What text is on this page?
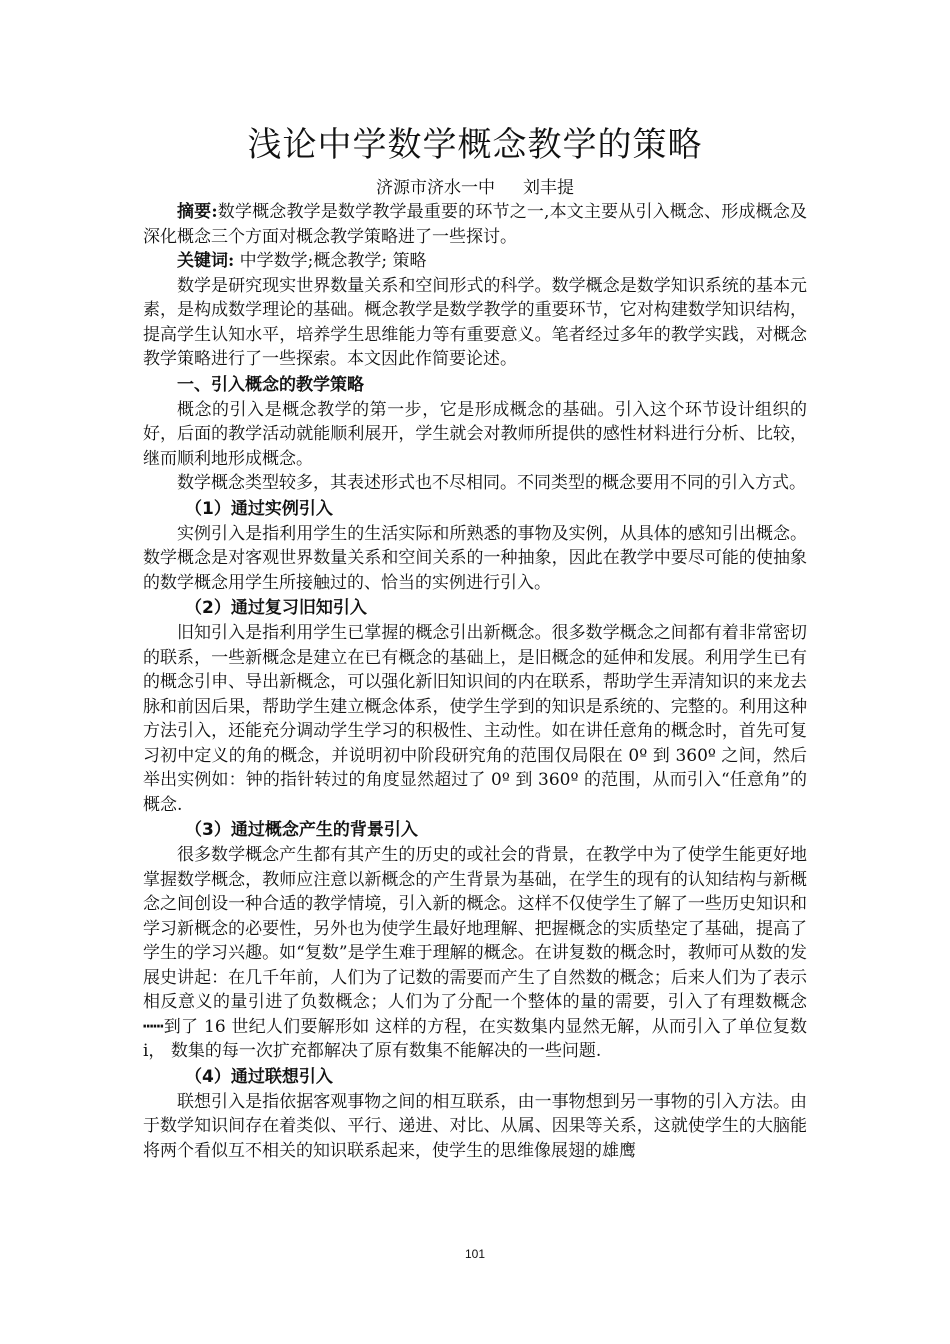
浅论中学数学概念教学的策略
济源市济水一中 刘丰提

摘要:数学概念教学是数学教学最重要的环节之一,本文主要从引入概念、形成概念及深化概念三个方面对概念教学策略进了一些探讨。

关键词: 中学数学;概念教学; 策略

数学是研究现实世界数量关系和空间形式的科学。数学概念是数学知识系统的基本元素，是构成数学理论的基础。概念教学是数学教学的重要环节，它对构建数学知识结构，提高学生认知水平，培养学生思维能力等有重要意义。笔者经过多年的教学实践，对概念教学策略进行了一些探索。本文因此作简要论述。

一、引入概念的教学策略

概念的引入是概念教学的第一步，它是形成概念的基础。引入这个环节设计组织的好，后面的教学活动就能顺利展开，学生就会对教师所提供的感性材料进行分析、比较，继而顺利地形成概念。

数学概念类型较多，其表述形式也不尽相同。不同类型的概念要用不同的引入方式。

（1）通过实例引入

实例引入是指利用学生的生活实际和所熟悉的事物及实例，从具体的感知引出概念。数学概念是对客观世界数量关系和空间关系的一种抽象，因此在教学中要尽可能的使抽象的数学概念用学生所接触过的、恰当的实例进行引入。

（2）通过复习旧知引入

旧知引入是指利用学生已掌握的概念引出新概念。很多数学概念之间都有着非常密切的联系，一些新概念是建立在已有概念的基础上，是旧概念的延伸和发展。利用学生已有的概念引申、导出新概念，可以强化新旧知识间的内在联系，帮助学生弄清知识的来龙去脉和前因后果，帮助学生建立概念体系，使学生学到的知识是系统的、完整的。利用这种方法引入，还能充分调动学生学习的积极性、主动性。如在讲任意角的概念时，首先可复习初中定义的角的概念，并说明初中阶段研究角的范围仅局限在 0º 到 360º 之间，然后举出实例如：钟的指针转过的角度显然超过了 0º 到 360º 的范围，从而引入“任意角”的概念.

（3）通过概念产生的背景引入

很多数学概念产生都有其产生的历史的或社会的背景，在教学中为了使学生能更好地掌握数学概念，教师应注意以新概念的产生背景为基础，在学生的现有的认知结构与新概念之间创设一种合适的教学情境，引入新的概念。这样不仅使学生了解了一些历史知识和学习新概念的必要性，另外也为使学生最好地理解、把握概念的实质垫定了基础，提高了学生的学习兴趣。如“复数”是学生难于理解的概念。在讲复数的概念时，教师可从数的发展史讲起：在几千年前，人们为了记数的需要而产生了自然数的概念；后来人们为了表示相反意义的量引进了负数概念；人们为了分配一个整体的量的需要，引入了有理数概念┅┅到了 16 世纪人们要解形如 这样的方程，在实数集内显然无解，从而引入了单位复数 i， 数集的每一次扩充都解决了原有数集不能解决的一些问题.

（4）通过联想引入

联想引入是指依据客观事物之间的相互联系，由一事物想到另一事物的引入方法。由于数学知识间存在着类似、平行、递进、对比、从属、因果等关系，这就使学生的大脑能将两个看似互不相关的知识联系起来，使学生的思维像展翅的雄鹰

101
